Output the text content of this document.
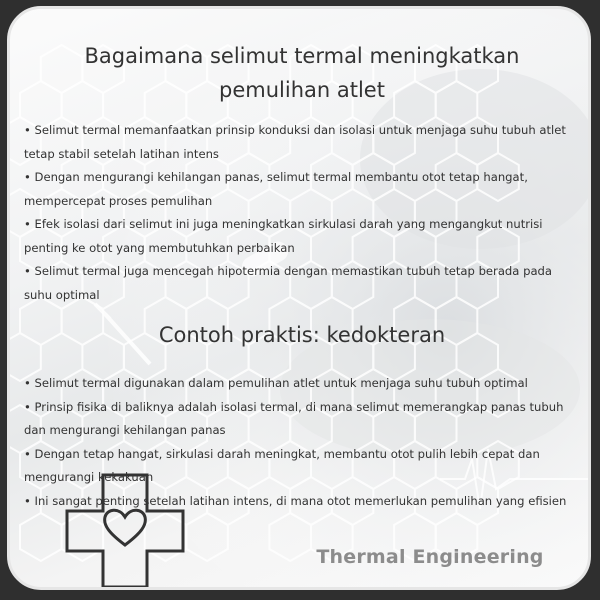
Bagaimana selimut termal meningkatkan
pemulihan atlet
• Selimut termal memanfaatkan prinsip konduksi dan isolasi untuk menjaga suhu tubuh atlet tetap stabil setelah latihan intens
• Dengan mengurangi kehilangan panas, selimut termal membantu otot tetap hangat, mempercepat proses pemulihan
• Efek isolasi dari selimut ini juga meningkatkan sirkulasi darah yang mengangkut nutrisi penting ke otot yang membutuhkan perbaikan
• Selimut termal juga mencegah hipotermia dengan memastikan tubuh tetap berada pada suhu optimal
Contoh praktis: kedokteran
• Selimut termal digunakan dalam pemulihan atlet untuk menjaga suhu tubuh optimal
• Prinsip fisika di baliknya adalah isolasi termal, di mana selimut memerangkap panas tubuh dan mengurangi kehilangan panas
• Dengan tetap hangat, sirkulasi darah meningkat, membantu otot pulih lebih cepat dan mengurangi kekakuan
• Ini sangat penting setelah latihan intens, di mana otot memerlukan pemulihan yang efisien
Thermal Engineering
